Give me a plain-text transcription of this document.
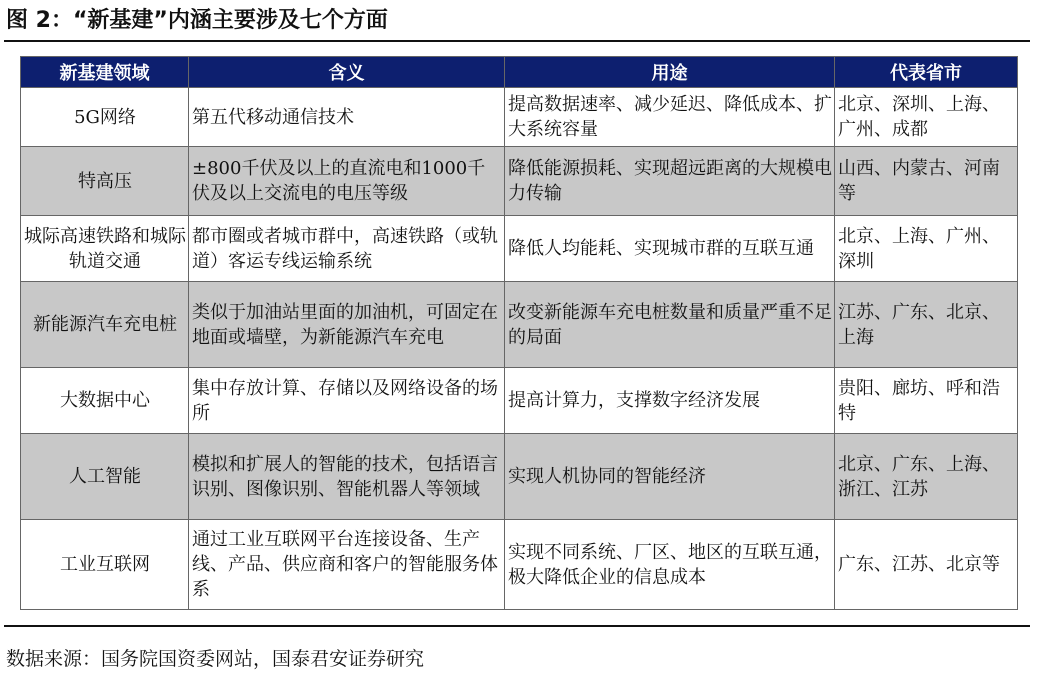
图 2：“新基建”内涵主要涉及七个方面
新基建领域	含义	用途	代表省市
5G网络	第五代移动通信技术	提高数据速率、减少延迟、降低成本、扩大系统容量	北京、深圳、上海、广州、成都
特高压	±800千伏及以上的直流电和1000千伏及以上交流电的电压等级	降低能源损耗、实现超远距离的大规模电力传输	山西、内蒙古、河南等
城际高速铁路和城际轨道交通	都市圈或者城市群中，高速铁路（或轨道）客运专线运输系统	降低人均能耗、实现城市群的互联互通	北京、上海、广州、深圳
新能源汽车充电桩	类似于加油站里面的加油机，可固定在地面或墙壁，为新能源汽车充电	改变新能源车充电桩数量和质量严重不足的局面	江苏、广东、北京、上海
大数据中心	集中存放计算、存储以及网络设备的场所	提高计算力，支撑数字经济发展	贵阳、廊坊、呼和浩特
人工智能	模拟和扩展人的智能的技术，包括语言识别、图像识别、智能机器人等领域	实现人机协同的智能经济	北京、广东、上海、浙江、江苏
工业互联网	通过工业互联网平台连接设备、生产线、产品、供应商和客户的智能服务体系	实现不同系统、厂区、地区的互联互通，极大降低企业的信息成本	广东、江苏、北京等
数据来源：国务院国资委网站，国泰君安证券研究
